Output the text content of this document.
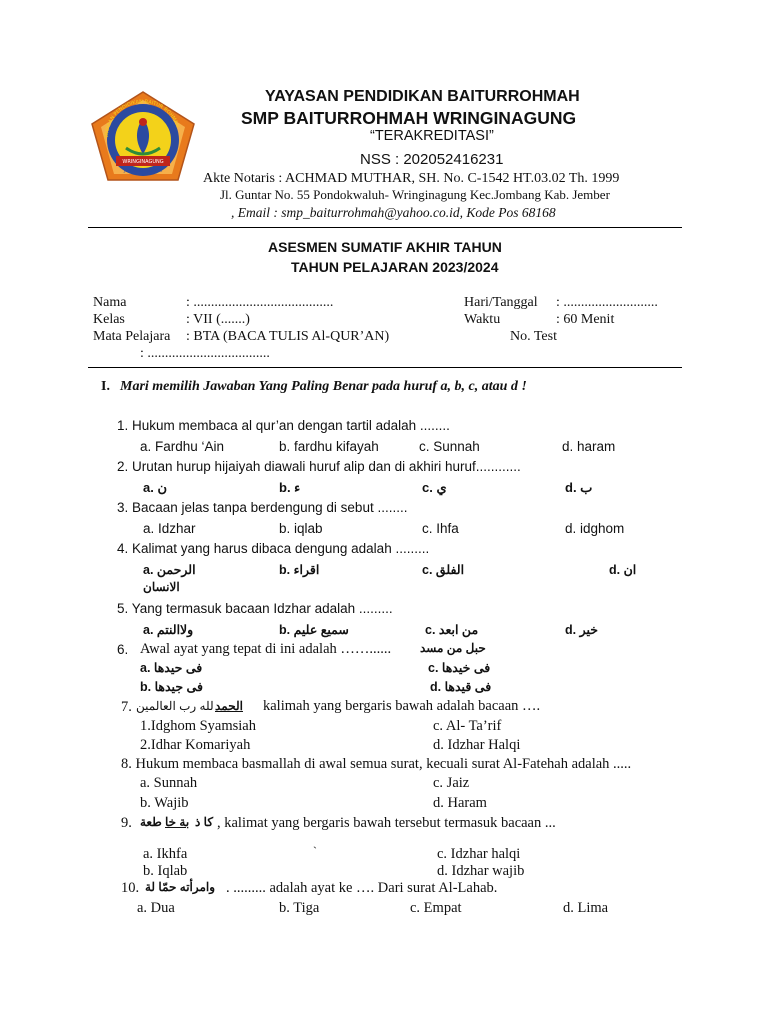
YAYASAN PENDIDIKAN BAITUR ROHMAH
WRINGINAGUNG
JOMBANG - JEMBER
YAYASAN PENDIDIKAN BAITURROHMAH
SMP BAITURROHMAH WRINGINAGUNG
“TERAKREDITASI”
NSS : 202052416231
Akte Notaris : ACHMAD MUTHAR, SH. No. C-1542 HT.03.02 Th. 1999
Jl. Guntar No. 55 Pondokwaluh- Wringinagung Kec.Jombang Kab. Jember
, Email : smp_baiturrohmah@yahoo.co.id, Kode Pos 68168
ASESMEN SUMATIF AKHIR TAHUN
TAHUN PELAJARAN 2023/2024
Nama	: ........................................	Hari/Tanggal : ...........................
Kelas	: VII (.......)	Waktu	: 60 Menit
Mata Pelajara : BTA (BACA TULIS Al-QUR’AN)	No. Test
: ...................................
I. Mari memilih Jawaban Yang Paling Benar pada huruf a, b, c, atau d !
1. Hukum membaca al qur’an dengan tartil adalah ........
a. Fardhu ‘Ain	b. fardhu kifayah	c. Sunnah	d. haram
2. Urutan hurup hijaiyah diawali huruf alip dan di akhiri huruf............
a. ن	b. ء	c. ي	d. ب
3. Bacaan jelas tanpa berdengung di sebut ........
a. Idzhar	b. iqlab	c. Ihfa	d. idghom
4. Kalimat yang harus dibaca dengung adalah .........
a. الرحمن	b. اقراء	c. الفلق	d. ان
الانسان
5. Yang termasuk bacaan Idzhar adalah .........
a. ولاالنتم	b. سميع عليم	c. من ابعد	d. خير
6. Awal ayat yang tepat di ini adalah ……...... حبل من مسد
a. فى حيدها	c. فى خيدها
b. فى جيدها	d. فى قيدها
7.	الحمد
لله رب العالمين	kalimah yang bergaris bawah adalah bacaan ….
1.Idghom Syamsiah	c. Al- Ta’rif
2.Idhar Komariyah	d. Idzhar Halqi
8. Hukum membaca basmallah di awal semua surat, kecuali surat Al-Fatehah adalah .....
a. Sunnah	c. Jaiz
b. Wajib	d. Haram
9. طعة بة خا كا ذ , kalimat yang bergaris bawah tersebut termasuk bacaan ...
`
a. Ikhfa	c. Idzhar halqi
b. Iqlab	d. Idzhar wajib
10. وامرأته حمّا لة . ......... adalah ayat ke …. Dari surat Al-Lahab.
a. Dua	b. Tiga	c. Empat	d. Lima
